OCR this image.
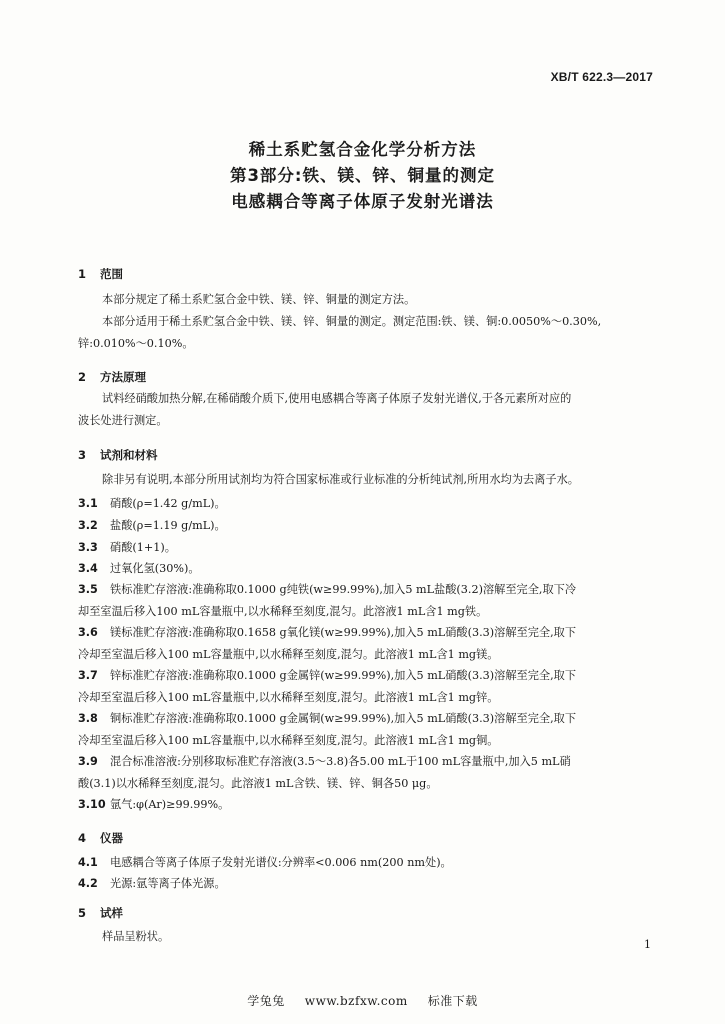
XB/T 622.3—2017
稀土系贮氢合金化学分析方法
第3部分:铁、镁、锌、铜量的测定
电感耦合等离子体原子发射光谱法
1 范围
本部分规定了稀土系贮氢合金中铁、镁、锌、铜量的测定方法。
本部分适用于稀土系贮氢合金中铁、镁、锌、铜量的测定。测定范围:铁、镁、铜:0.0050%～0.30%,
锌:0.010%～0.10%。
2 方法原理
试料经硝酸加热分解,在稀硝酸介质下,使用电感耦合等离子体原子发射光谱仪,于各元素所对应的
波长处进行测定。
3 试剂和材料
除非另有说明,本部分所用试剂均为符合国家标准或行业标准的分析纯试剂,所用水均为去离子水。
3.1 硝酸(ρ=1.42 g/mL)。
3.2 盐酸(ρ=1.19 g/mL)。
3.3 硝酸(1+1)。
3.4 过氧化氢(30%)。
3.5 铁标准贮存溶液:准确称取0.1000 g纯铁(w≥99.99%),加入5 mL盐酸(3.2)溶解至完全,取下冷
却至室温后移入100 mL容量瓶中,以水稀释至刻度,混匀。此溶液1 mL含1 mg铁。
3.6 镁标准贮存溶液:准确称取0.1658 g氧化镁(w≥99.99%),加入5 mL硝酸(3.3)溶解至完全,取下
冷却至室温后移入100 mL容量瓶中,以水稀释至刻度,混匀。此溶液1 mL含1 mg镁。
3.7 锌标准贮存溶液:准确称取0.1000 g金属锌(w≥99.99%),加入5 mL硝酸(3.3)溶解至完全,取下
冷却至室温后移入100 mL容量瓶中,以水稀释至刻度,混匀。此溶液1 mL含1 mg锌。
3.8 铜标准贮存溶液:准确称取0.1000 g金属铜(w≥99.99%),加入5 mL硝酸(3.3)溶解至完全,取下
冷却至室温后移入100 mL容量瓶中,以水稀释至刻度,混匀。此溶液1 mL含1 mg铜。
3.9 混合标准溶液:分别移取标准贮存溶液(3.5～3.8)各5.00 mL于100 mL容量瓶中,加入5 mL硝
酸(3.1)以水稀释至刻度,混匀。此溶液1 mL含铁、镁、锌、铜各50 μg。
3.10 氩气:φ(Ar)≥99.99%。
4 仪器
4.1 电感耦合等离子体原子发射光谱仪:分辨率<0.006 nm(200 nm处)。
4.2 光源:氩等离子体光源。
5 试样
样品呈粉状。
1
学兔兔 www.bzfxw.com 标准下载
